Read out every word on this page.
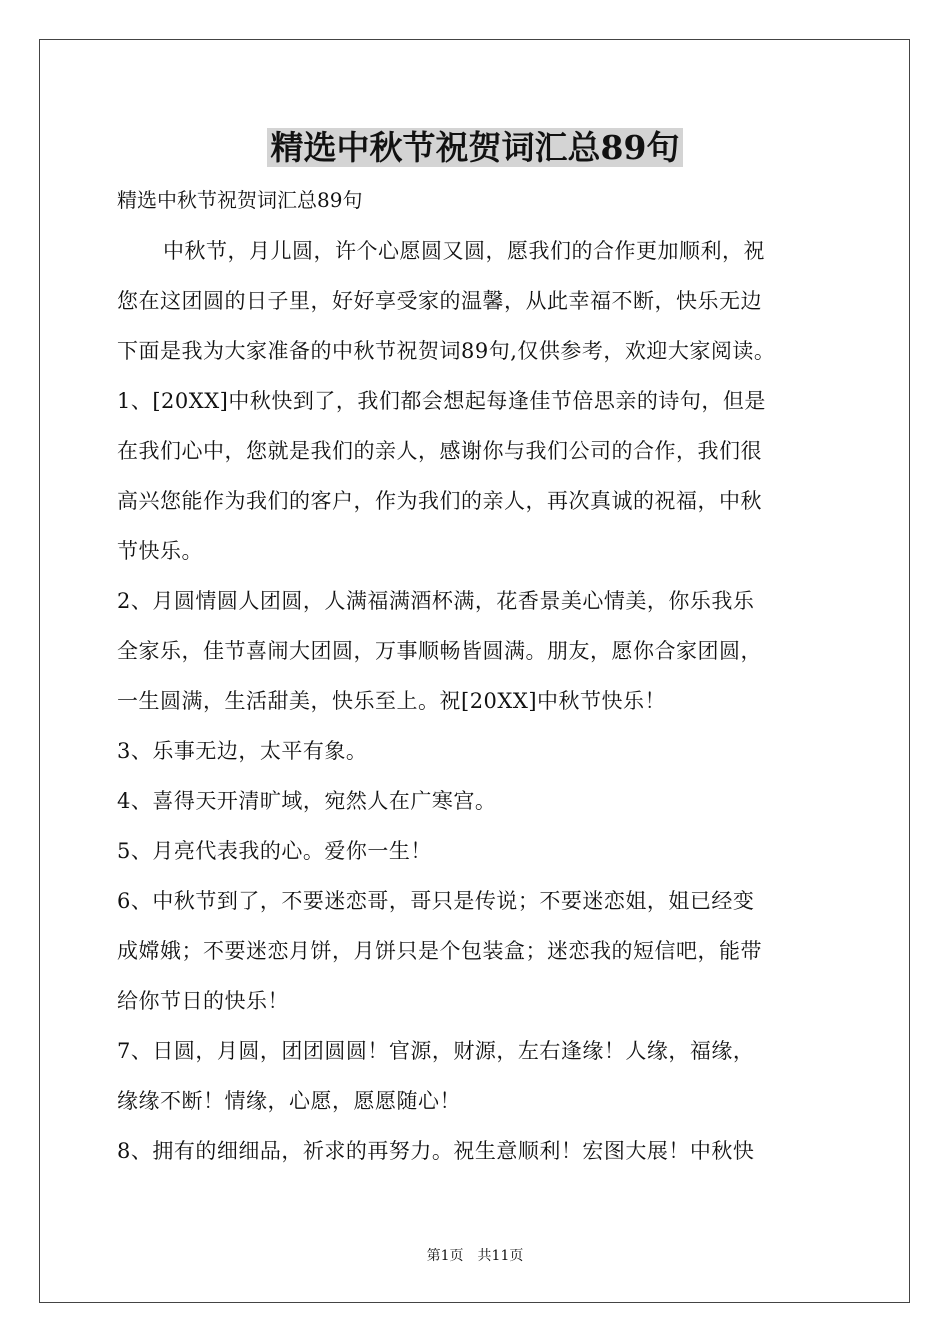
精选中秋节祝贺词汇总89句

精选中秋节祝贺词汇总89句

中秋节，月儿圆，许个心愿圆又圆，愿我们的合作更加顺利，祝

您在这团圆的日子里，好好享受家的温馨，从此幸福不断，快乐无边

下面是我为大家准备的中秋节祝贺词89句,仅供参考，欢迎大家阅读。

1、[20XX]中秋快到了，我们都会想起每逢佳节倍思亲的诗句，但是

在我们心中，您就是我们的亲人，感谢你与我们公司的合作，我们很

高兴您能作为我们的客户，作为我们的亲人，再次真诚的祝福，中秋

节快乐。

2、月圆情圆人团圆，人满福满酒杯满，花香景美心情美，你乐我乐

全家乐，佳节喜闹大团圆，万事顺畅皆圆满。朋友，愿你合家团圆，

一生圆满，生活甜美，快乐至上。祝[20XX]中秋节快乐！

3、乐事无边，太平有象。

4、喜得天开清旷域，宛然人在广寒宫。

5、月亮代表我的心。爱你一生！

6、中秋节到了，不要迷恋哥，哥只是传说；不要迷恋姐，姐已经变

成嫦娥；不要迷恋月饼，月饼只是个包装盒；迷恋我的短信吧，能带

给你节日的快乐！

7、日圆，月圆，团团圆圆！官源，财源，左右逢缘！人缘，福缘，

缘缘不断！情缘，心愿，愿愿随心！

8、拥有的细细品，祈求的再努力。祝生意顺利！宏图大展！中秋快

第1页 共11页
